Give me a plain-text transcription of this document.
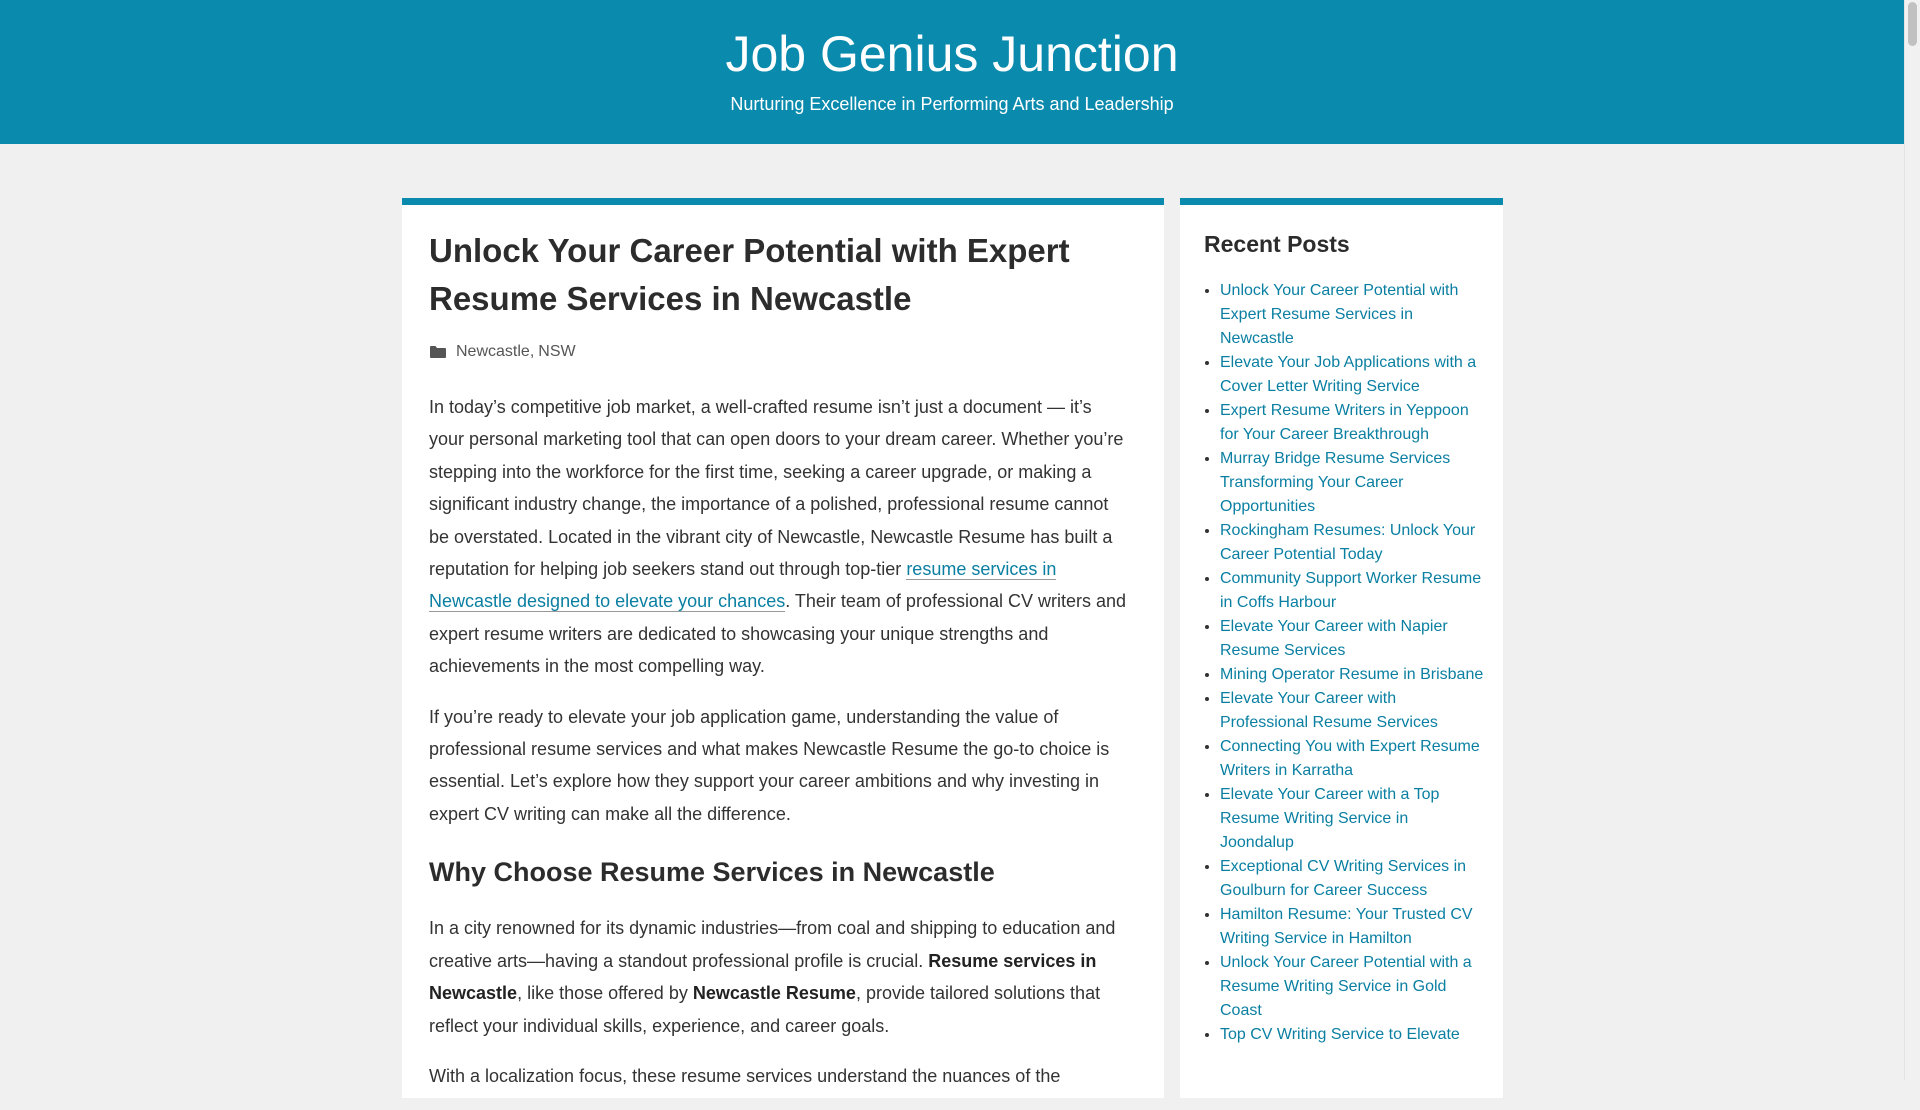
Job Genius Junction
Nurturing Excellence in Performing Arts and Leadership
Unlock Your Career Potential with Expert Resume Services in Newcastle
Newcastle , NSW

In today’s competitive job market, a well-crafted resume isn’t just a document — it’s your personal marketing tool that can open doors to your dream career. Whether you’re stepping into the workforce for the first time, seeking a career upgrade, or making a significant industry change, the importance of a polished, professional resume cannot be overstated. Located in the vibrant city of Newcastle, Newcastle Resume has built a reputation for helping job seekers stand out through top-tier resume services in Newcastle designed to elevate your chances. Their team of professional CV writers and expert resume writers are dedicated to showcasing your unique strengths and achievements in the most compelling way.

If you’re ready to elevate your job application game, understanding the value of professional resume services and what makes Newcastle Resume the go-to choice is essential. Let’s explore how they support your career ambitions and why investing in expert CV writing can make all the difference.

Why Choose Resume Services in Newcastle

In a city renowned for its dynamic industries—from coal and shipping to education and creative arts—having a standout professional profile is crucial. Resume services in Newcastle, like those offered by Newcastle Resume, provide tailored solutions that reflect your individual skills, experience, and career goals.

With a localization focus, these resume services understand the nuances of the

Recent Posts
• Unlock Your Career Potential with Expert Resume Services in Newcastle
• Elevate Your Job Applications with a Cover Letter Writing Service
• Expert Resume Writers in Yeppoon for Your Career Breakthrough
• Murray Bridge Resume Services Transforming Your Career Opportunities
• Rockingham Resumes: Unlock Your Career Potential Today
• Community Support Worker Resume in Coffs Harbour
• Elevate Your Career with Napier Resume Services
• Mining Operator Resume in Brisbane
• Elevate Your Career with Professional Resume Services
• Connecting You with Expert Resume Writers in Karratha
• Elevate Your Career with a Top Resume Writing Service in Joondalup
• Exceptional CV Writing Services in Goulburn for Career Success
• Hamilton Resume: Your Trusted CV Writing Service in Hamilton
• Unlock Your Career Potential with a Resume Writing Service in Gold Coast
• Top CV Writing Service to Elevate
